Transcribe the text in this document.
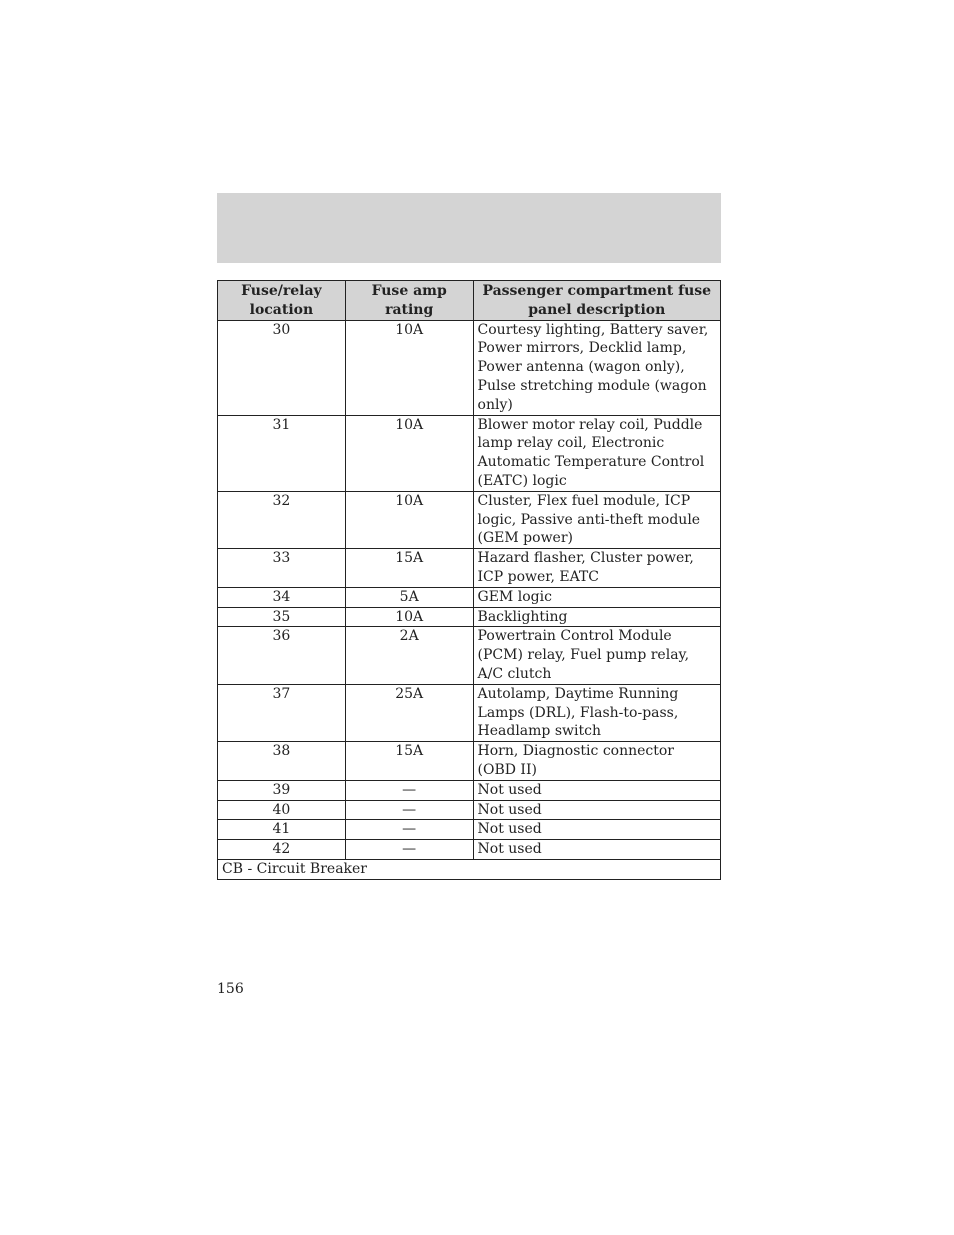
Fuse/relay location	Fuse amp rating	Passenger compartment fuse panel description
30	10A	Courtesy lighting, Battery saver, Power mirrors, Decklid lamp, Power antenna (wagon only), Pulse stretching module (wagon only)
31	10A	Blower motor relay coil, Puddle lamp relay coil, Electronic Automatic Temperature Control (EATC) logic
32	10A	Cluster, Flex fuel module, ICP logic, Passive anti-theft module (GEM power)
33	15A	Hazard flasher, Cluster power, ICP power, EATC
34	5A	GEM logic
35	10A	Backlighting
36	2A	Powertrain Control Module (PCM) relay, Fuel pump relay, A/C clutch
37	25A	Autolamp, Daytime Running Lamps (DRL), Flash-to-pass, Headlamp switch
38	15A	Horn, Diagnostic connector (OBD II)
39	—	Not used
40	—	Not used
41	—	Not used
42	—	Not used
CB - Circuit Breaker		
156
